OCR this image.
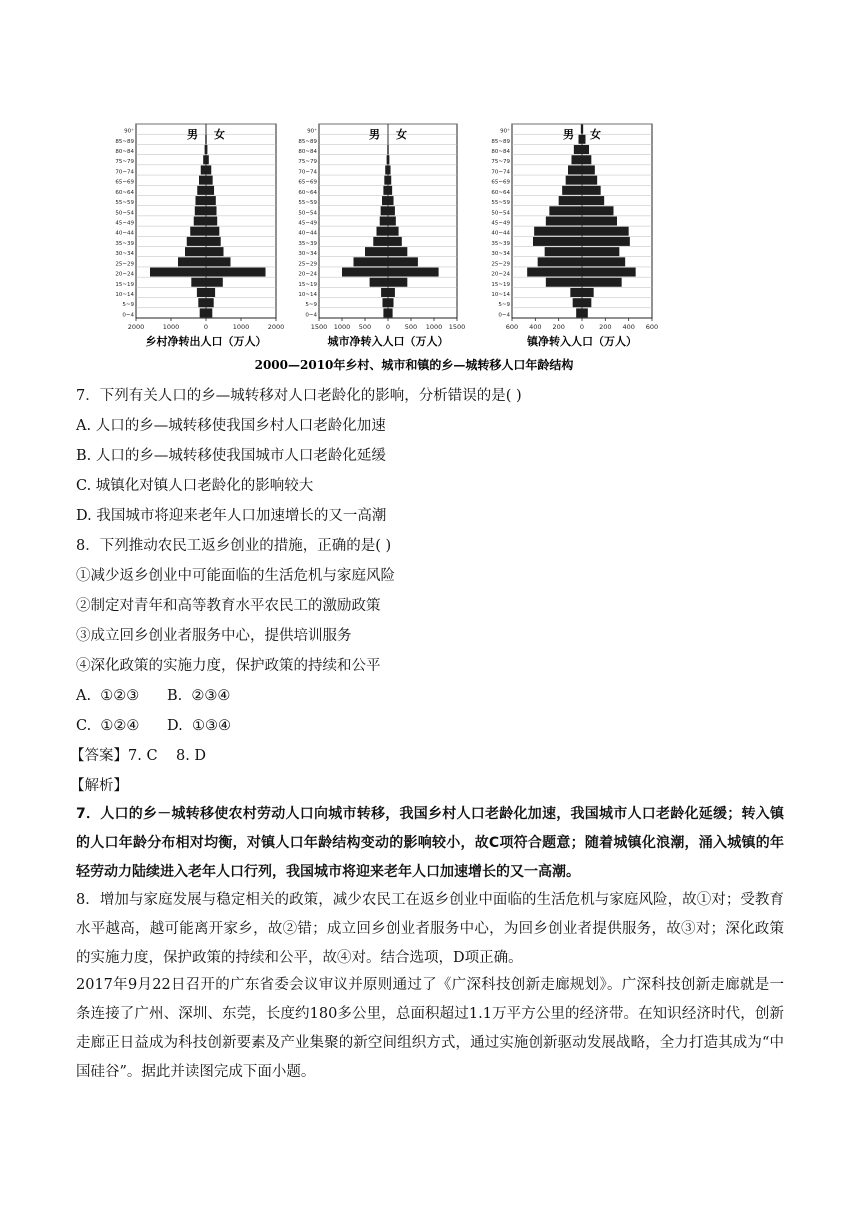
0~4
5~9
10~14
15~19
20~24
25~29
30~34
35~39
40~44
45~49
50~54
55~59
60~64
65~69
70~74
75~79
80~84
85~89
90⁺	男 女
2000	1000	0	1000	2000
乡村净转出人口（万人）
0~4
5~9
10~14
15~19
20~24
25~29
30~34
35~39
40~44
45~49
50~54
55~59
60~64
65~69
70~74
75~79
80~84
85~89
90⁺	男 女
1500 1000 500 0 500 1000 1500
城市净转入人口（万人）
0~4
5~9
10~14
15~19
20~24
25~29
30~34
35~39
40~44
45~49
50~54
55~59
60~64
65~69
70~74
75~79
80~84
85~89
90⁺	男 女
600 400 200 0 200 400 600
镇净转入人口（万人）
2000—2010年乡村、城市和镇的乡—城转移人口年龄结构
7．下列有关人口的乡—城转移对人口老龄化的影响，分析错误的是( )
A. 人口的乡—城转移使我国乡村人口老龄化加速
B. 人口的乡—城转移使我国城市人口老龄化延缓
C. 城镇化对镇人口老龄化的影响较大
D. 我国城市将迎来老年人口加速增长的又一高潮
8．下列推动农民工返乡创业的措施，正确的是( )
①减少返乡创业中可能面临的生活危机与家庭风险
②制定对青年和高等教育水平农民工的激励政策
③成立回乡创业者服务中心，提供培训服务
④深化政策的实施力度，保护政策的持续和公平
A.  ①②③      B.  ②③④
C.  ①②④      D.  ①③④
【答案】7. C    8. D
【解析】
7．人口的乡－城转移使农村劳动人口向城市转移，我国乡村人口老龄化加速，我国城市人口老龄化延缓；转入镇的人口年龄分布相对均衡，对镇人口年龄结构变动的影响较小，故C项符合题意；随着城镇化浪潮，涌入城镇的年轻劳动力陆续进入老年人口行列，我国城市将迎来老年人口加速增长的又一高潮。
8．增加与家庭发展与稳定相关的政策，减少农民工在返乡创业中面临的生活危机与家庭风险，故①对；受教育水平越高，越可能离开家乡，故②错；成立回乡创业者服务中心，为回乡创业者提供服务，故③对；深化政策的实施力度，保护政策的持续和公平，故④对。结合选项，D项正确。
2017年9月22日召开的广东省委会议审议并原则通过了《广深科技创新走廊规划》。广深科技创新走廊就是一条连接了广州、深圳、东莞，长度约180多公里，总面积超过1.1万平方公里的经济带。在知识经济时代，创新走廊正日益成为科技创新要素及产业集聚的新空间组织方式，通过实施创新驱动发展战略，全力打造其成为“中国硅谷”。据此并读图完成下面小题。
